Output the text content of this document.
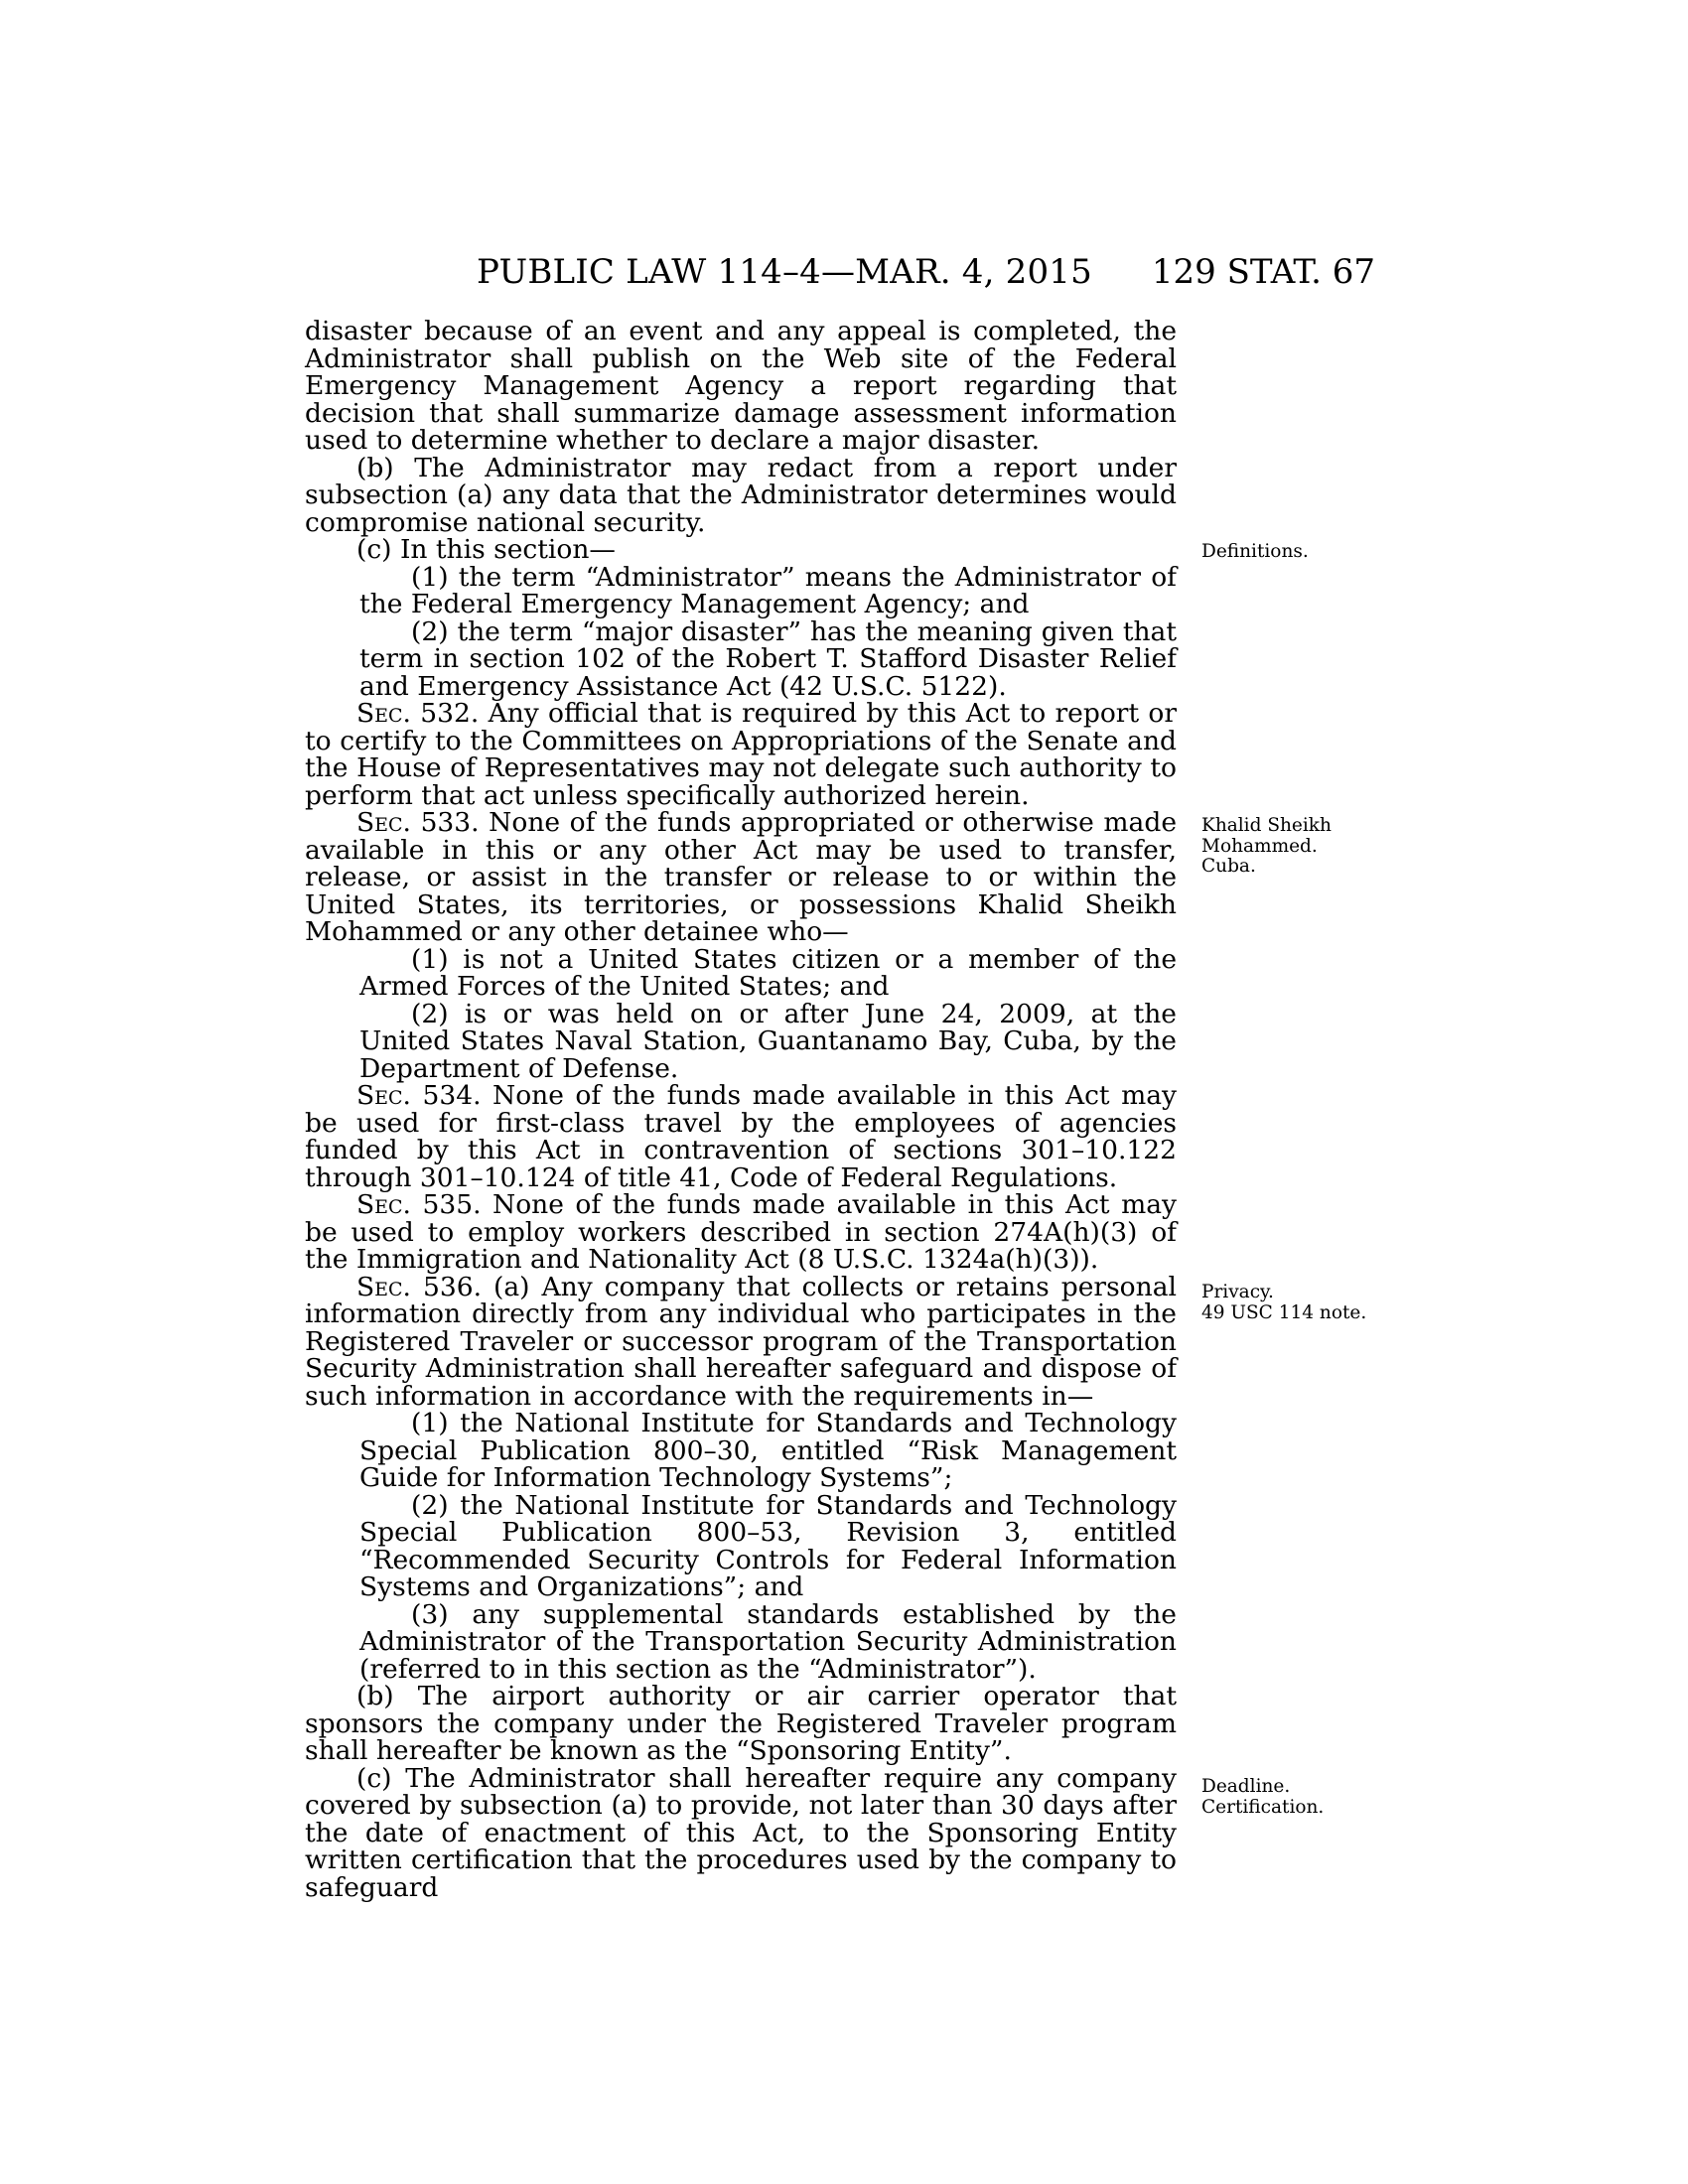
PUBLIC LAW 114–4—MAR. 4, 2015 129 STAT. 67

disaster because of an event and any appeal is completed, the Administrator shall publish on the Web site of the Federal Emergency Management Agency a report regarding that decision that shall summarize damage assessment information used to determine whether to declare a major disaster.

(b) The Administrator may redact from a report under subsection (a) any data that the Administrator determines would compromise national security.

(c) In this section—

(1) the term “Administrator” means the Administrator of the Federal Emergency Management Agency; and

(2) the term “major disaster” has the meaning given that term in section 102 of the Robert T. Stafford Disaster Relief and Emergency Assistance Act (42 U.S.C. 5122).

Sec. 532. Any official that is required by this Act to report or to certify to the Committees on Appropriations of the Senate and the House of Representatives may not delegate such authority to perform that act unless specifically authorized herein.

Sec. 533. None of the funds appropriated or otherwise made available in this or any other Act may be used to transfer, release, or assist in the transfer or release to or within the United States, its territories, or possessions Khalid Sheikh Mohammed or any other detainee who—

(1) is not a United States citizen or a member of the Armed Forces of the United States; and

(2) is or was held on or after June 24, 2009, at the United States Naval Station, Guantanamo Bay, Cuba, by the Department of Defense.

Sec. 534. None of the funds made available in this Act may be used for first-class travel by the employees of agencies funded by this Act in contravention of sections 301–10.122 through 301–10.124 of title 41, Code of Federal Regulations.

Sec. 535. None of the funds made available in this Act may be used to employ workers described in section 274A(h)(3) of the Immigration and Nationality Act (8 U.S.C. 1324a(h)(3)).

Sec. 536. (a) Any company that collects or retains personal information directly from any individual who participates in the Registered Traveler or successor program of the Transportation Security Administration shall hereafter safeguard and dispose of such information in accordance with the requirements in—

(1) the National Institute for Standards and Technology Special Publication 800–30, entitled “Risk Management Guide for Information Technology Systems”;

(2) the National Institute for Standards and Technology Special Publication 800–53, Revision 3, entitled “Recommended Security Controls for Federal Information Systems and Organizations”; and

(3) any supplemental standards established by the Administrator of the Transportation Security Administration (referred to in this section as the “Administrator”).

(b) The airport authority or air carrier operator that sponsors the company under the Registered Traveler program shall hereafter be known as the “Sponsoring Entity”.

(c) The Administrator shall hereafter require any company covered by subsection (a) to provide, not later than 30 days after the date of enactment of this Act, to the Sponsoring Entity written certification that the procedures used by the company to safeguard

Definitions.
Khalid Sheikh
Mohammed.
Cuba.
Privacy.
49 USC 114 note.
Deadline.
Certification.
